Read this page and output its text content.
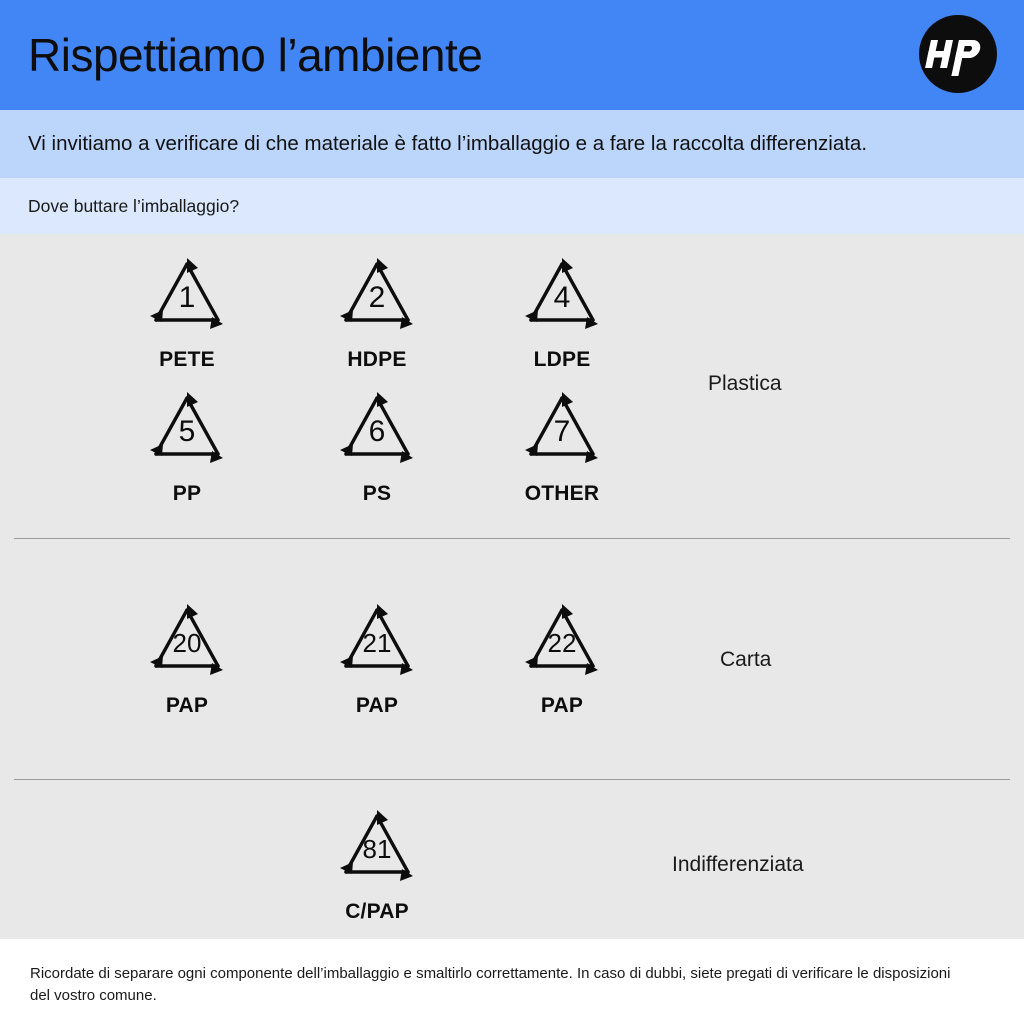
Rispettiamo l’ambiente
Vi invitiamo a verificare di che materiale è fatto l’imballaggio e a fare la raccolta differenziata.
Dove buttare l’imballaggio?
1
PETE
2
HDPE
4
LDPE
5
PP
6
PS
7
OTHER
Plastica
20
PAP
21
PAP
22
PAP
Carta
81
C/PAP
Indifferenziata
Ricordate di separare ogni componente dell’imballaggio e smaltirlo correttamente. In caso di dubbi, siete pregati di verificare le disposizioni del vostro comune.
